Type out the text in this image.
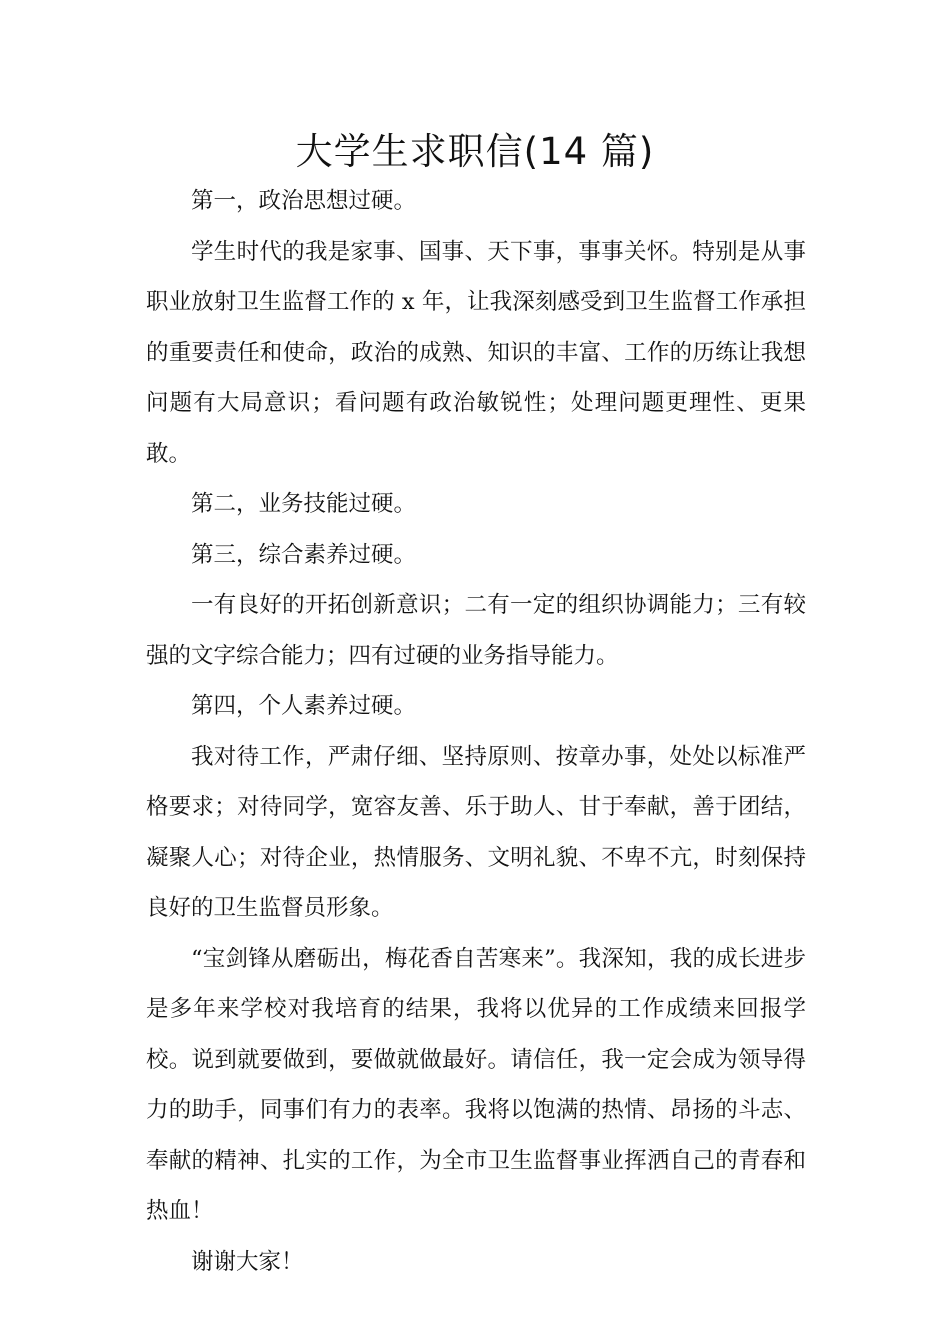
大学生求职信(14 篇)

第一，政治思想过硬。

学生时代的我是家事、国事、天下事，事事关怀。特别是从事职业放射卫生监督工作的 x 年，让我深刻感受到卫生监督工作承担的重要责任和使命，政治的成熟、知识的丰富、工作的历练让我想问题有大局意识；看问题有政治敏锐性；处理问题更理性、更果敢。

第二，业务技能过硬。

第三，综合素养过硬。

一有良好的开拓创新意识；二有一定的组织协调能力；三有较强的文字综合能力；四有过硬的业务指导能力。

第四，个人素养过硬。

我对待工作，严肃仔细、坚持原则、按章办事，处处以标准严格要求；对待同学，宽容友善、乐于助人、甘于奉献，善于团结，凝聚人心；对待企业，热情服务、文明礼貌、不卑不亢，时刻保持良好的卫生监督员形象。

“宝剑锋从磨砺出，梅花香自苦寒来”。我深知，我的成长进步是多年来学校对我培育的结果，我将以优异的工作成绩来回报学校。说到就要做到，要做就做最好。请信任，我一定会成为领导得力的助手，同事们有力的表率。我将以饱满的热情、昂扬的斗志、奉献的精神、扎实的工作，为全市卫生监督事业挥洒自己的青春和热血！

谢谢大家！
